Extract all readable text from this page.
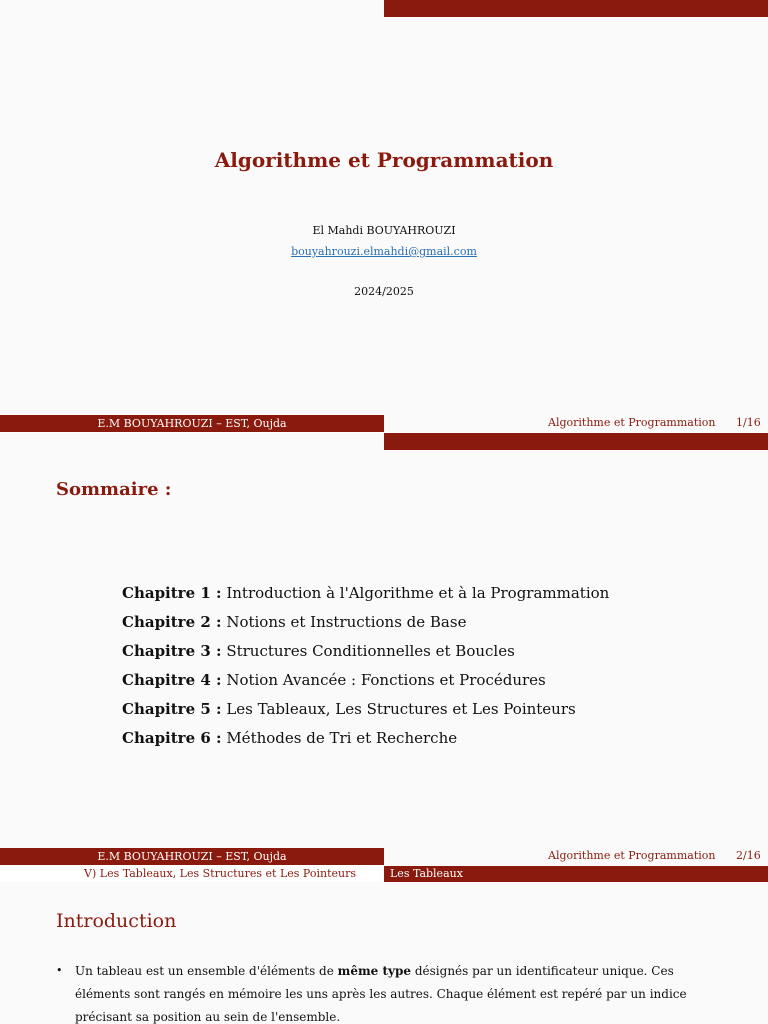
Algorithme et Programmation
El Mahdi BOUYAHROUZI
bouyahrouzi.elmahdi@gmail.com
2024/2025
E.M BOUYAHROUZI – EST, Oujda	Algorithme et Programmation 1/16
Sommaire :
Chapitre 1 : Introduction à l'Algorithme et à la Programmation
Chapitre 2 : Notions et Instructions de Base
Chapitre 3 : Structures Conditionnelles et Boucles
Chapitre 4 : Notion Avancée : Fonctions et Procédures
Chapitre 5 : Les Tableaux, Les Structures et Les Pointeurs
Chapitre 6 : Méthodes de Tri et Recherche
E.M BOUYAHROUZI – EST, Oujda	Algorithme et Programmation 2/16
V) Les Tableaux, Les Structures et Les Pointeurs	Les Tableaux
Introduction
• Un tableau est un ensemble d'éléments de même type désignés par un identificateur unique. Ces éléments sont rangés en mémoire les uns après les autres. Chaque élément est repéré par un indice précisant sa position au sein de l'ensemble.
